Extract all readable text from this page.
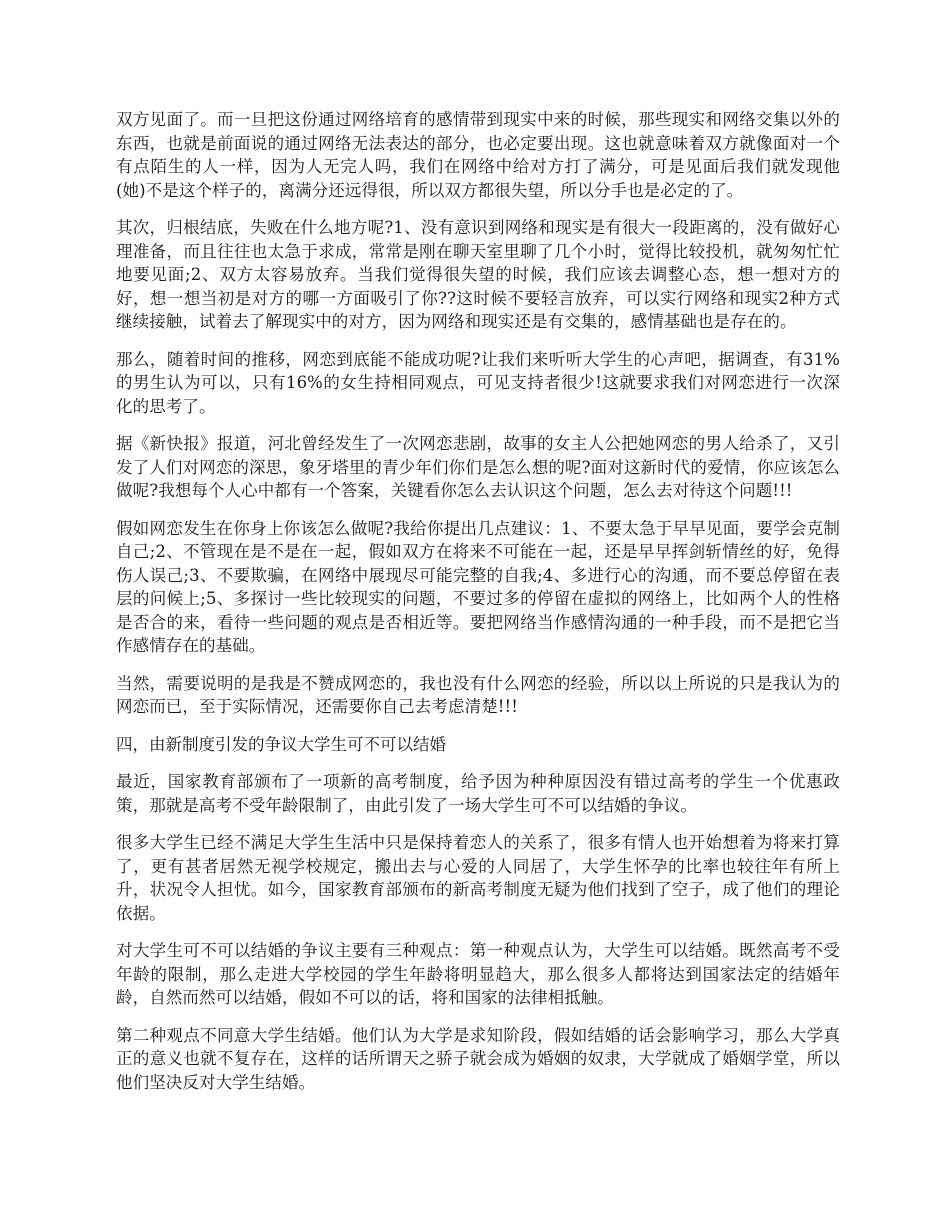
双方见面了。而一旦把这份通过网络培育的感情带到现实中来的时候，那些现实和网络交集以外的东西，也就是前面说的通过网络无法表达的部分，也必定要出现。这也就意味着双方就像面对一个有点陌生的人一样，因为人无完人吗，我们在网络中给对方打了满分，可是见面后我们就发现他(她)不是这个样子的，离满分还远得很，所以双方都很失望，所以分手也是必定的了。

其次，归根结底，失败在什么地方呢?1、没有意识到网络和现实是有很大一段距离的，没有做好心理准备，而且往往也太急于求成，常常是刚在聊天室里聊了几个小时，觉得比较投机，就匆匆忙忙地要见面;2、双方太容易放弃。当我们觉得很失望的时候，我们应该去调整心态，想一想对方的好，想一想当初是对方的哪一方面吸引了你??这时候不要轻言放弃，可以实行网络和现实2种方式继续接触，试着去了解现实中的对方，因为网络和现实还是有交集的，感情基础也是存在的。

那么，随着时间的推移，网恋到底能不能成功呢?让我们来听听大学生的心声吧，据调查，有31%的男生认为可以，只有16%的女生持相同观点，可见支持者很少!这就要求我们对网恋进行一次深化的思考了。

据《新快报》报道，河北曾经发生了一次网恋悲剧，故事的女主人公把她网恋的男人给杀了，又引发了人们对网恋的深思，象牙塔里的青少年们你们是怎么想的呢?面对这新时代的爱情，你应该怎么做呢?我想每个人心中都有一个答案，关键看你怎么去认识这个问题，怎么去对待这个问题!!!

假如网恋发生在你身上你该怎么做呢?我给你提出几点建议：1、不要太急于早早见面，要学会克制自己;2、不管现在是不是在一起，假如双方在将来不可能在一起，还是早早挥剑斩情丝的好，免得伤人误己;3、不要欺骗，在网络中展现尽可能完整的自我;4、多进行心的沟通，而不要总停留在表层的问候上;5、多探讨一些比较现实的问题，不要过多的停留在虚拟的网络上，比如两个人的性格是否合的来，看待一些问题的观点是否相近等。要把网络当作感情沟通的一种手段，而不是把它当作感情存在的基础。

当然，需要说明的是我是不赞成网恋的，我也没有什么网恋的经验，所以以上所说的只是我认为的网恋而已，至于实际情况，还需要你自己去考虑清楚!!!

四，由新制度引发的争议大学生可不可以结婚

最近，国家教育部颁布了一项新的高考制度，给予因为种种原因没有错过高考的学生一个优惠政策，那就是高考不受年龄限制了，由此引发了一场大学生可不可以结婚的争议。

很多大学生已经不满足大学生生活中只是保持着恋人的关系了，很多有情人也开始想着为将来打算了，更有甚者居然无视学校规定，搬出去与心爱的人同居了，大学生怀孕的比率也较往年有所上升，状况令人担忧。如今，国家教育部颁布的新高考制度无疑为他们找到了空子，成了他们的理论依据。

对大学生可不可以结婚的争议主要有三种观点：第一种观点认为，大学生可以结婚。既然高考不受年龄的限制，那么走进大学校园的学生年龄将明显趋大，那么很多人都将达到国家法定的结婚年龄，自然而然可以结婚，假如不可以的话，将和国家的法律相抵触。

第二种观点不同意大学生结婚。他们认为大学是求知阶段，假如结婚的话会影响学习，那么大学真正的意义也就不复存在，这样的话所谓天之骄子就会成为婚姻的奴隶，大学就成了婚姻学堂，所以他们坚决反对大学生结婚。
